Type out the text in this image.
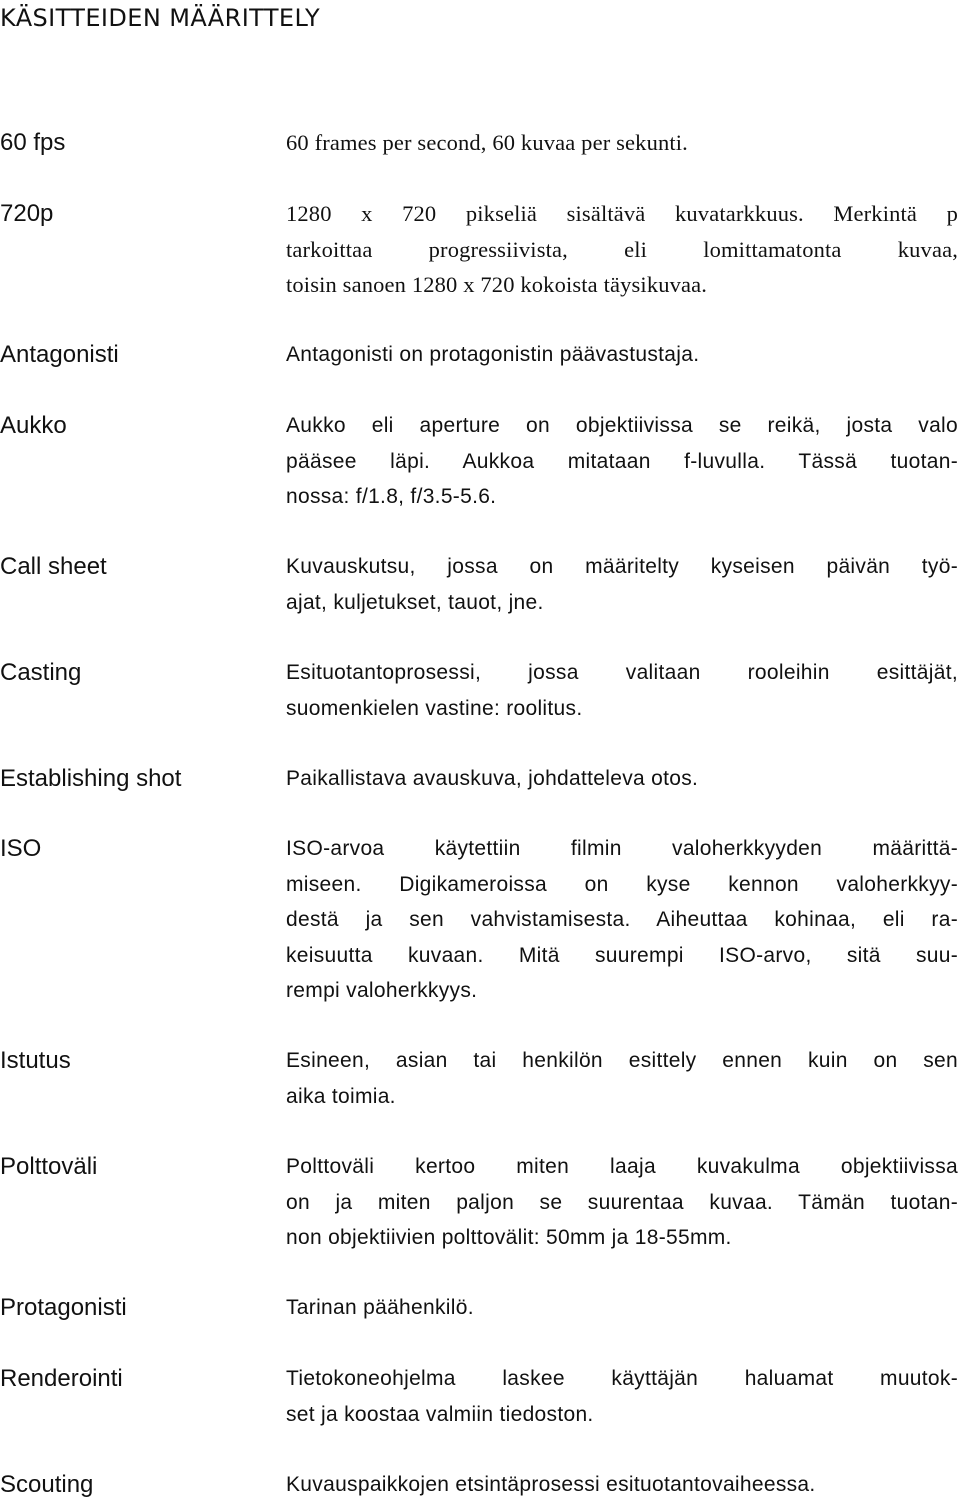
KÄSITTEIDEN MÄÄRITTELY
60 fps	60 frames per second, 60 kuvaa per sekunti.
720p	1280 x 720 pikseliä sisältävä kuvatarkkuus. Merkintä p
tarkoittaa progressiivista, eli lomittamatonta kuvaa,
toisin sanoen 1280 x 720 kokoista täysikuvaa.
Antagonisti	Antagonisti on protagonistin päävastustaja.
Aukko	Aukko eli aperture on objektiivissa se reikä, josta valo
pääsee läpi. Aukkoa mitataan f-luvulla. Tässä tuotan-
nossa: f/1.8, f/3.5-5.6.
Call sheet	Kuvauskutsu, jossa on määritelty kyseisen päivän työ-
ajat, kuljetukset, tauot, jne.
Casting	Esituotantoprosessi, jossa valitaan rooleihin esittäjät,
suomenkielen vastine: roolitus.
Establishing shot	Paikallistava avauskuva, johdatteleva otos.
ISO	ISO-arvoa käytettiin filmin valoherkkyyden määrittä-
miseen. Digikameroissa on kyse kennon valoherkkyy-
destä ja sen vahvistamisesta. Aiheuttaa kohinaa, eli ra-
keisuutta kuvaan. Mitä suurempi ISO-arvo, sitä suu-
rempi valoherkkyys.
Istutus	Esineen, asian tai henkilön esittely ennen kuin on sen
aika toimia.
Polttoväli	Polttoväli kertoo miten laaja kuvakulma objektiivissa
on ja miten paljon se suurentaa kuvaa. Tämän tuotan-
non objektiivien polttovälit: 50mm ja 18-55mm.
Protagonisti	Tarinan päähenkilö.
Renderointi	Tietokoneohjelma laskee käyttäjän haluamat muutok-
set ja koostaa valmiin tiedoston.
Scouting	Kuvauspaikkojen etsintäprosessi esituotantovaiheessa.
